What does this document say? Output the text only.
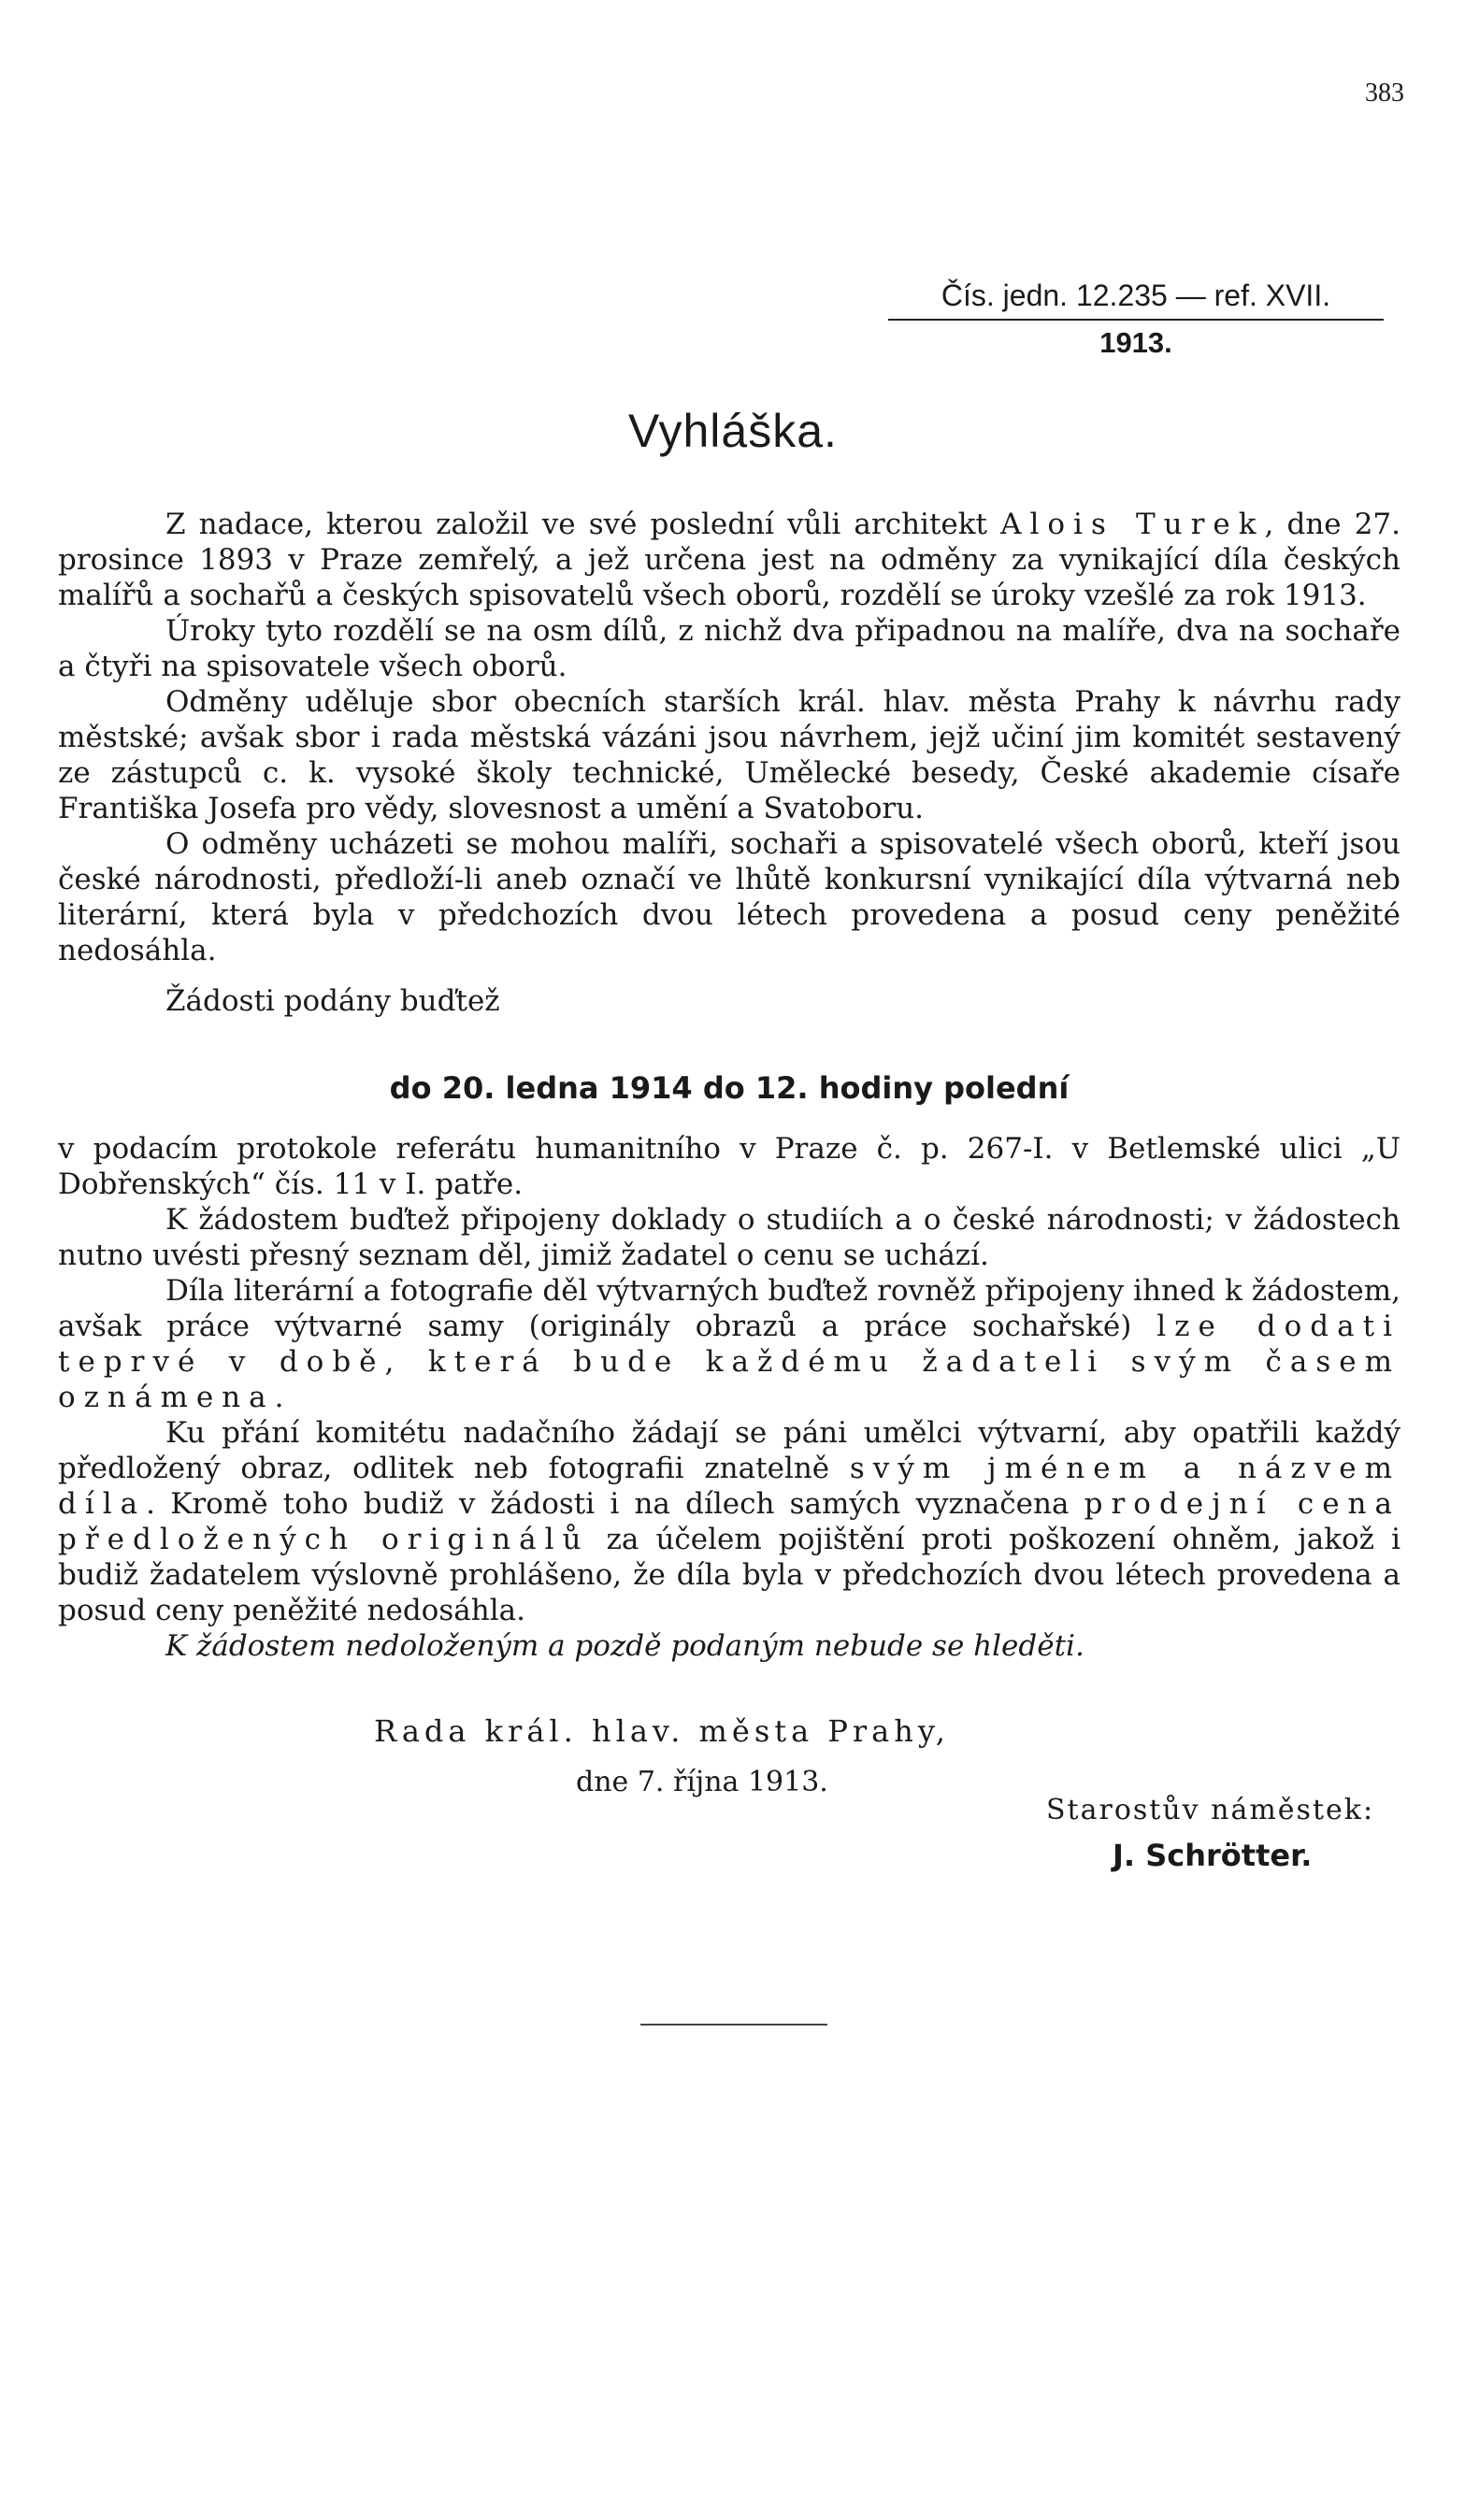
383
Čís. jedn. 12.235 — ref. XVII.
1913.
Vyhláška.

Z nadace, kterou založil ve své poslední vůli architekt Alois Turek, dne 27. prosince 1893 v Praze zemřelý, a jež určena jest na odměny za vynikající díla českých malířů a sochařů a českých spisovatelů všech oborů, rozdělí se úroky vzešlé za rok 1913.

Úroky tyto rozdělí se na osm dílů, z nichž dva připadnou na malíře, dva na sochaře a čtyři na spisovatele všech oborů.

Odměny uděluje sbor obecních starších král. hlav. města Prahy k návrhu rady městské; avšak sbor i rada městská vázáni jsou návrhem, jejž učiní jim komitét sestavený ze zástupců c. k. vysoké školy technické, Umělecké besedy, České akademie císaře Františka Josefa pro vědy, slovesnost a umění a Svatoboru.

O odměny ucházeti se mohou malíři, sochaři a spisovatelé všech oborů, kteří jsou české národnosti, předloží-li aneb označí ve lhůtě konkursní vynikající díla výtvarná neb literární, která byla v předchozích dvou létech provedena a posud ceny peněžité nedosáhla.

Žádosti podány buďtež

do 20. ledna 1914 do 12. hodiny polední

v podacím protokole referátu humanitního v Praze č. p. 267-I. v Betlemské ulici „U Dobřenských“ čís. 11 v I. patře.

K žádostem buďtež připojeny doklady o studiích a o české národnosti; v žádostech nutno uvésti přesný seznam děl, jimiž žadatel o cenu se uchází.

Díla literární a fotografie děl výtvarných buďtež rovněž připojeny ihned k žádostem, avšak práce výtvarné samy (originály obrazů a práce sochařské) lze dodati teprvé v době, která bude každému žadateli svým časem oznámena.

Ku přání komitétu nadačního žádají se páni umělci výtvarní, aby opatřili každý předložený obraz, odlitek neb fotografii znatelně svým jménem a názvem díla. Kromě toho budiž v žádosti i na dílech samých vyznačena prodejní cena předložených originálů za účelem pojištění proti poškození ohněm, jakož i budiž žadatelem výslovně prohlášeno, že díla byla v předchozích dvou létech provedena a posud ceny peněžité nedosáhla.

K žádostem nedoloženým a pozdě podaným nebude se hleděti.

Rada král. hlav. města Prahy,
dne 7. října 1913.
Starostův náměstek:
J. Schrötter.
